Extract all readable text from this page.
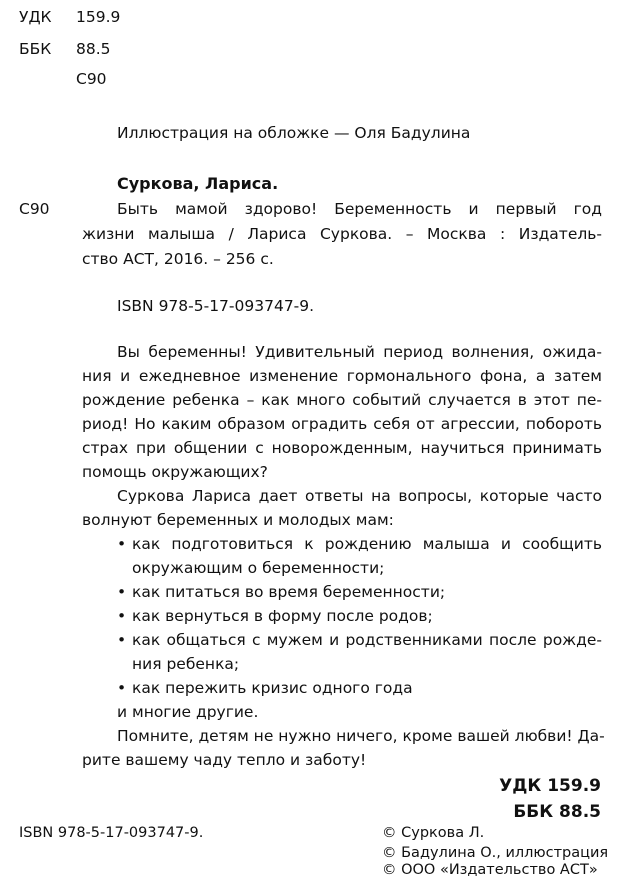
УДК 159.9
ББК 88.5
С90
Иллюстрация на обложке — Оля Бадулина
Суркова, Лариса.
С90	Быть мамой здорово! Беременность и первый год
жизни малыша / Лариса Суркова. – Москва : Издатель-
ство АСТ, 2016. – 256 с.
ISBN 978-5-17-093747-9.
Вы беременны! Удивительный период волнения, ожида-
ния и ежедневное изменение гормонального фона, а затем
рождение ребенка – как много событий случается в этот пе-
риод! Но каким образом оградить себя от агрессии, побороть
страх при общении с новорожденным, научиться принимать
помощь окружающих?
Суркова Лариса дает ответы на вопросы, которые часто
волнуют беременных и молодых мам:
• как подготовиться к рождению малыша и сообщить
окружающим о беременности;
• как питаться во время беременности;
• как вернуться в форму после родов;
• как общаться с мужем и родственниками после рожде-
ния ребенка;
• как пережить кризис одного года
и многие другие.
Помните, детям не нужно ничего, кроме вашей любви! Да-
рите вашему чаду тепло и заботу!
УДК 159.9
ББК 88.5
ISBN 978-5-17-093747-9.	© Суркова Л.
© Бадулина О., иллюстрация
© ООО «Издательство АСТ»
